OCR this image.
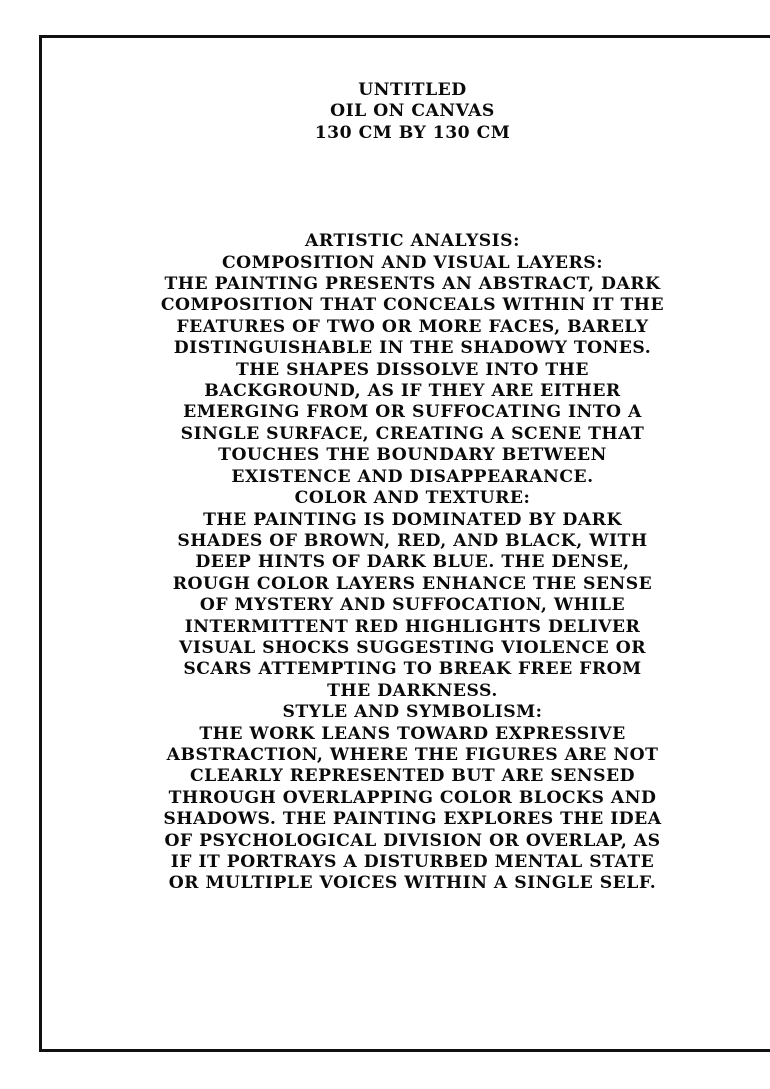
UNTITLED
OIL ON CANVAS
130 CM BY 130 CM
ARTISTIC ANALYSIS:
COMPOSITION AND VISUAL LAYERS:
THE PAINTING PRESENTS AN ABSTRACT, DARK
COMPOSITION THAT CONCEALS WITHIN IT THE
FEATURES OF TWO OR MORE FACES, BARELY
DISTINGUISHABLE IN THE SHADOWY TONES.
THE SHAPES DISSOLVE INTO THE
BACKGROUND, AS IF THEY ARE EITHER
EMERGING FROM OR SUFFOCATING INTO A
SINGLE SURFACE, CREATING A SCENE THAT
TOUCHES THE BOUNDARY BETWEEN
EXISTENCE AND DISAPPEARANCE.
COLOR AND TEXTURE:
THE PAINTING IS DOMINATED BY DARK
SHADES OF BROWN, RED, AND BLACK, WITH
DEEP HINTS OF DARK BLUE. THE DENSE,
ROUGH COLOR LAYERS ENHANCE THE SENSE
OF MYSTERY AND SUFFOCATION, WHILE
INTERMITTENT RED HIGHLIGHTS DELIVER
VISUAL SHOCKS SUGGESTING VIOLENCE OR
SCARS ATTEMPTING TO BREAK FREE FROM
THE DARKNESS.
STYLE AND SYMBOLISM:
THE WORK LEANS TOWARD EXPRESSIVE
ABSTRACTION, WHERE THE FIGURES ARE NOT
CLEARLY REPRESENTED BUT ARE SENSED
THROUGH OVERLAPPING COLOR BLOCKS AND
SHADOWS. THE PAINTING EXPLORES THE IDEA
OF PSYCHOLOGICAL DIVISION OR OVERLAP, AS
IF IT PORTRAYS A DISTURBED MENTAL STATE
OR MULTIPLE VOICES WITHIN A SINGLE SELF.
